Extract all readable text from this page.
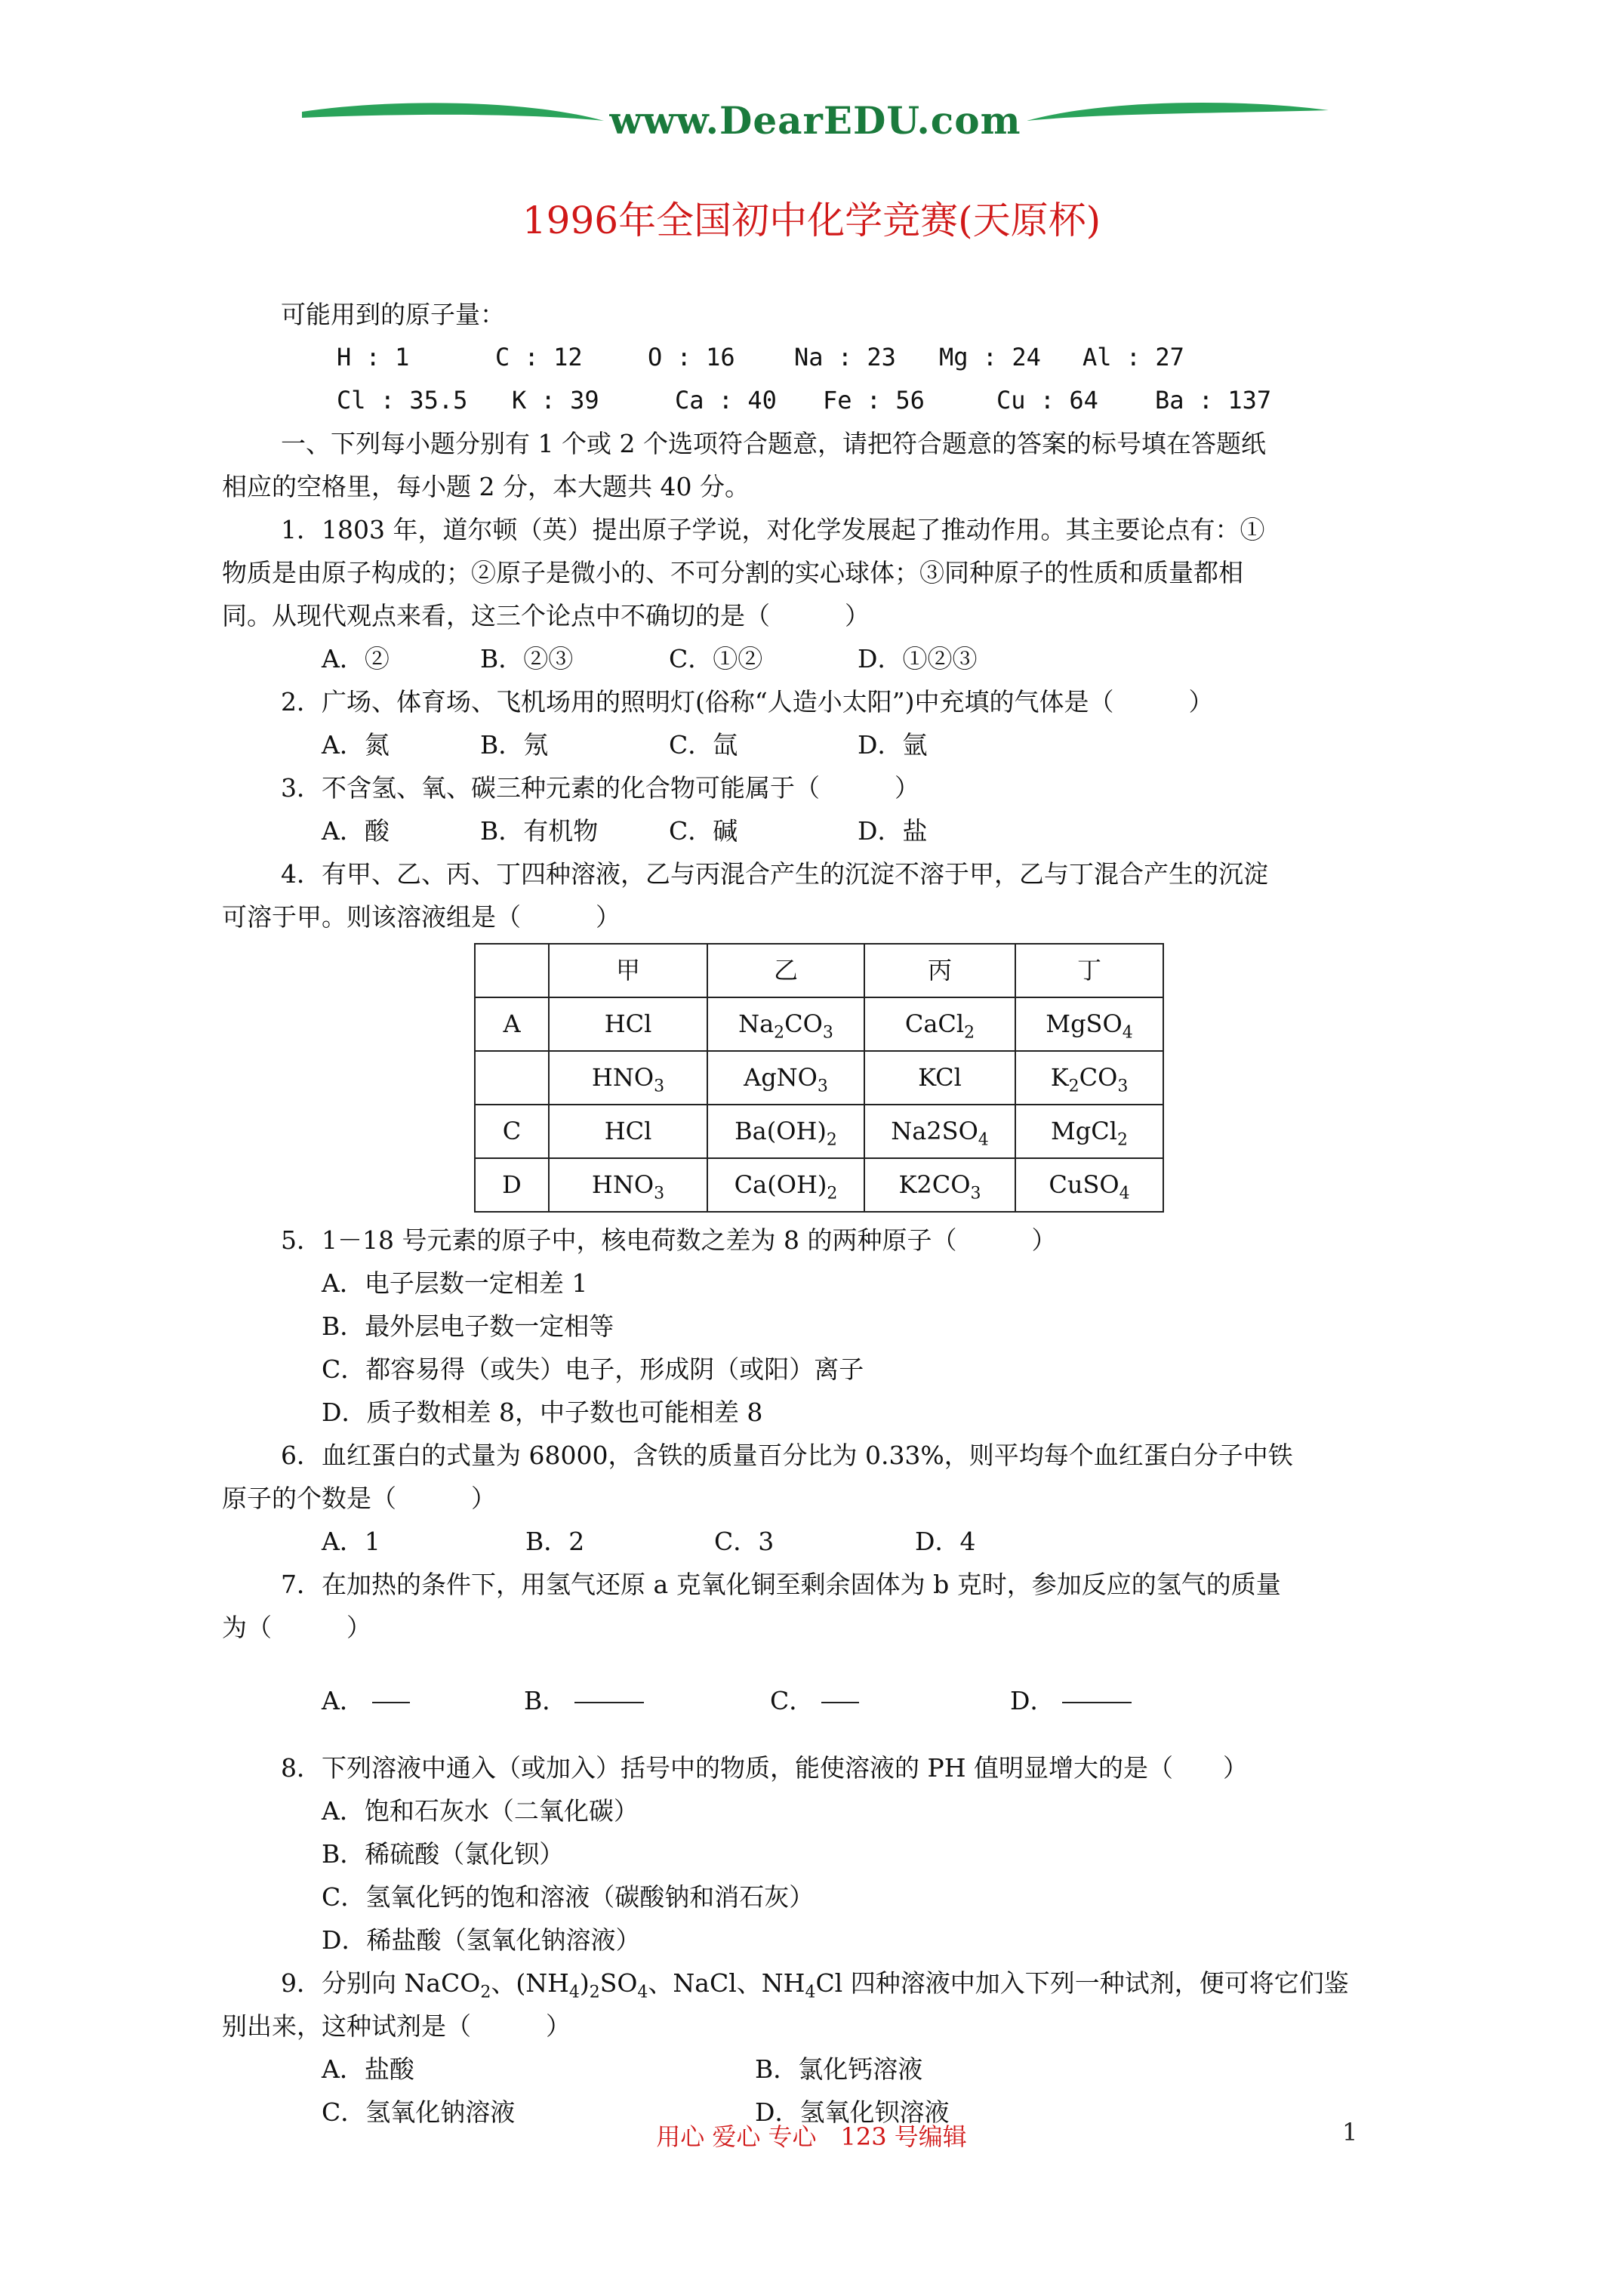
www.DearEDU.com
1996年全国初中化学竞赛(天原杯)
可能用到的原子量：
H : 1	C : 12	O : 16 Na : 23 Mg : 24 Al : 27
Cl : 35.5 K : 39	Ca : 40 Fe : 56	Cu : 64 Ba : 137
一、下列每小题分别有 1 个或 2 个选项符合题意，请把符合题意的答案的标号填在答题纸
相应的空格里，每小题 2 分，本大题共 40 分。
1．1803 年，道尔顿（英）提出原子学说，对化学发展起了推动作用。其主要论点有：①
物质是由原子构成的；②原子是微小的、不可分割的实心球体；③同种原子的性质和质量都相
同。从现代观点来看，这三个论点中不确切的是（　　　）
A．②	B．②③	C．①②	D．①②③
2．广场、体育场、飞机场用的照明灯(俗称“人造小太阳”)中充填的气体是（　　　）
A．氮	B．氖	C．氙	D．氩
3．不含氢、氧、碳三种元素的化合物可能属于（　　　）
A．酸	B．有机物	C．碱	D．盐
4．有甲、乙、丙、丁四种溶液，乙与丙混合产生的沉淀不溶于甲，乙与丁混合产生的沉淀
可溶于甲。则该溶液组是（　　　）
	甲	乙	丙	丁
A	HCl	$Na_2CO_3$	CaCl$_2$	MgSO$_4$
	$HNO_3$	AgNO$_3$	KCl	$K_2CO_3$
C	HCl	$Ba(OH)_2$	$Na2SO_4$	MgCl$_2$
D	$HNO_3$	$Ca(OH)_2$	$K2CO_3$	CuSO$_4$
5．1－18 号元素的原子中，核电荷数之差为 8 的两种原子（　　　）
A．电子层数一定相差 1
B．最外层电子数一定相等
C．都容易得（或失）电子，形成阴（或阳）离子
D．质子数相差 8，中子数也可能相差 8
6．血红蛋白的式量为 68000，含铁的质量百分比为 0.33%，则平均每个血红蛋白分子中铁
原子的个数是（　　　）
A．1	B．2	C．3	D．4
7．在加热的条件下，用氢气还原 a 克氧化铜至剩余固体为 b 克时，参加反应的氢气的质量
为（　　　）
A．	B．	C．	D．
8．下列溶液中通入（或加入）括号中的物质，能使溶液的 PH 值明显增大的是（　　）
A．饱和石灰水（二氧化碳）
B．稀硫酸（氯化钡）
C．氢氧化钙的饱和溶液（碳酸钠和消石灰）
D．稀盐酸（氢氧化钠溶液）
9．分别向 NaCO$_2$、$(NH_4)_2SO_4$、NaCl、$NH_4Cl$ 四种溶液中加入下列一种试剂，便可将它们鉴
别出来，这种试剂是（　　　）
A．盐酸	B．氯化钙溶液
C．氢氧化钠溶液	D．氢氧化钡溶液
用心 爱心 专心　123 号编辑	1
